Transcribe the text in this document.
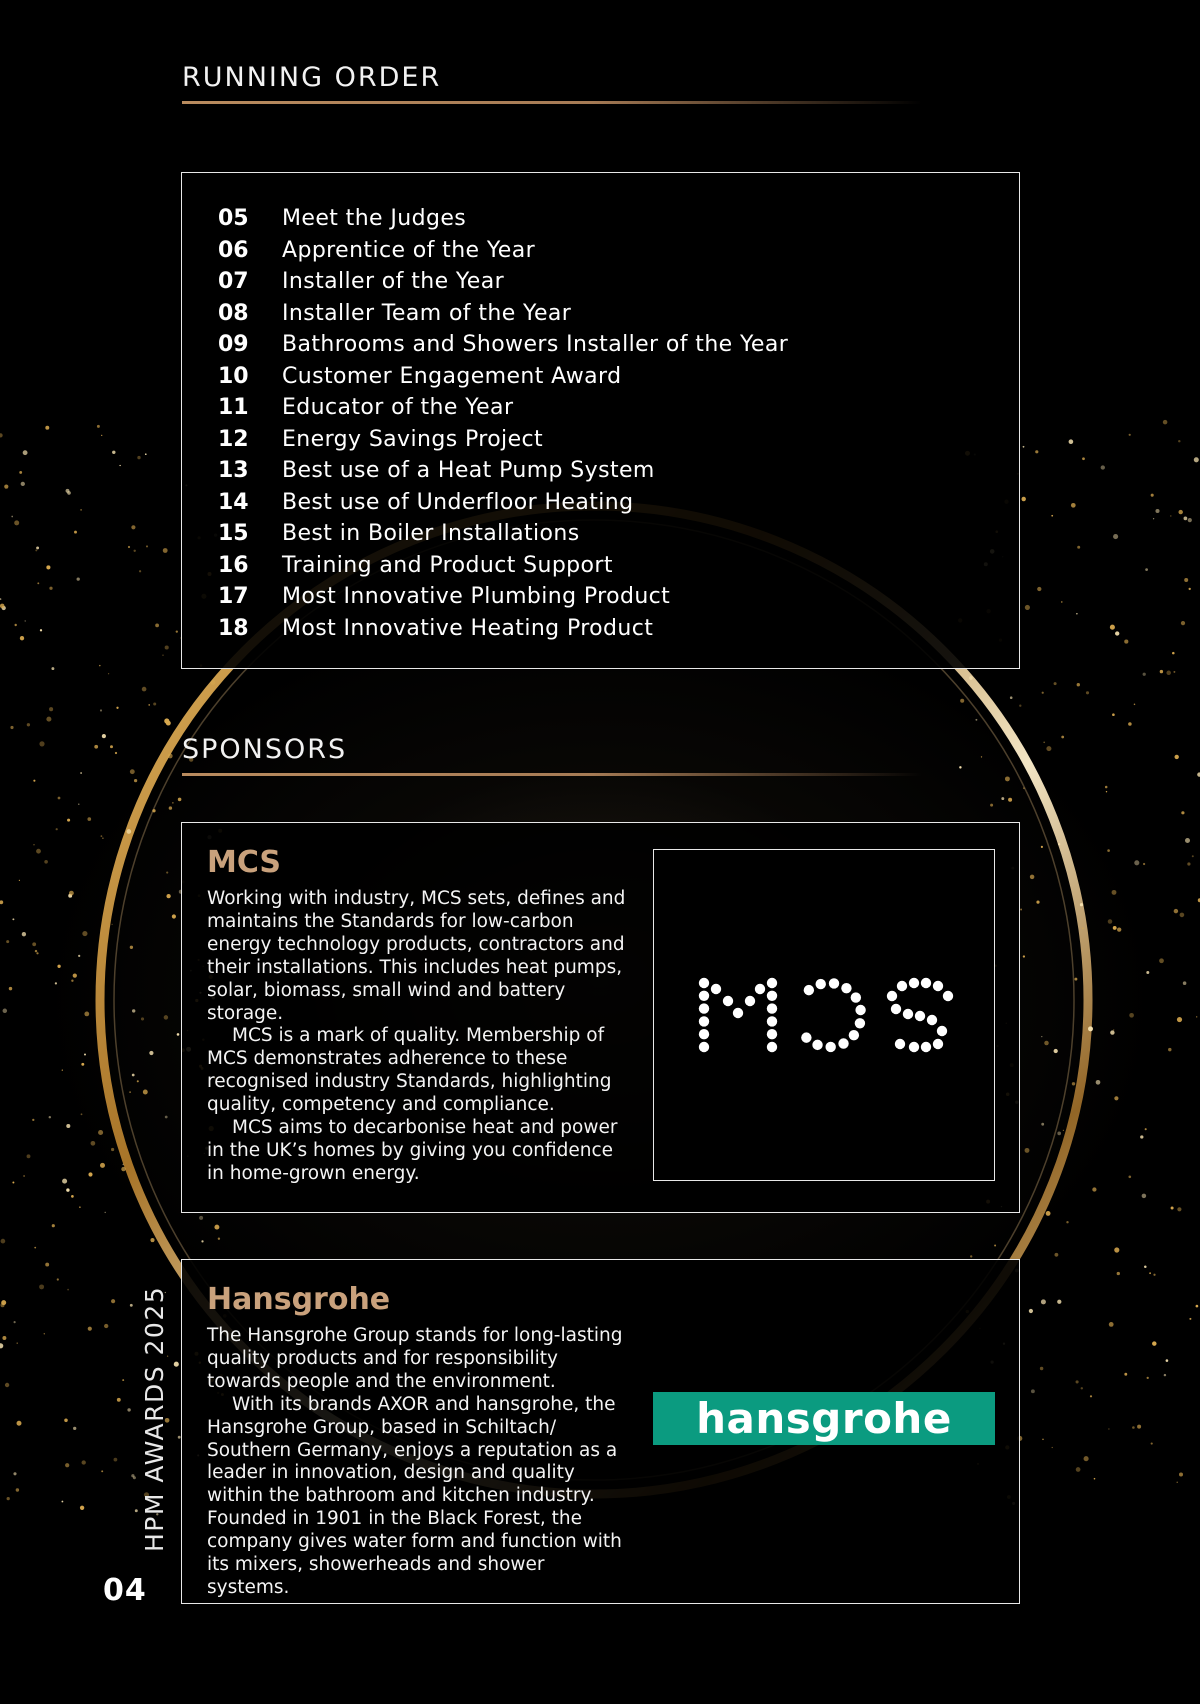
RUNNING ORDER
05	Meet the Judges
06	Apprentice of the Year
07	Installer of the Year
08	Installer Team of the Year
09	Bathrooms and Showers Installer of the Year
10	Customer Engagement Award
11	Educator of the Year
12	Energy Savings Project
13	Best use of a Heat Pump System
14	Best use of Underfloor Heating
15	Best in Boiler Installations
16	Training and Product Support
17	Most Innovative Plumbing Product
18	Most Innovative Heating Product
SPONSORS
MCS

Working with industry, MCS sets, defines and maintains the Standards for low-carbon energy technology products, contractors and their installations. This includes heat pumps, solar, biomass, small wind and battery storage.

MCS is a mark of quality. Membership of MCS demonstrates adherence to these recognised industry Standards, highlighting quality, competency and compliance.

MCS aims to decarbonise heat and power in the UK’s homes by giving you confidence in home-grown energy.

Hansgrohe

The Hansgrohe Group stands for long-lasting quality products and for responsibility towards people and the environment.

With its brands AXOR and hansgrohe, the Hansgrohe Group, based in Schiltach/ Southern Germany, enjoys a reputation as a leader in innovation, design and quality within the bathroom and kitchen industry. Founded in 1901 in the Black Forest, the company gives water form and function with its mixers, showerheads and shower systems.

hansgrohe
HPM AWARDS 2025
04
